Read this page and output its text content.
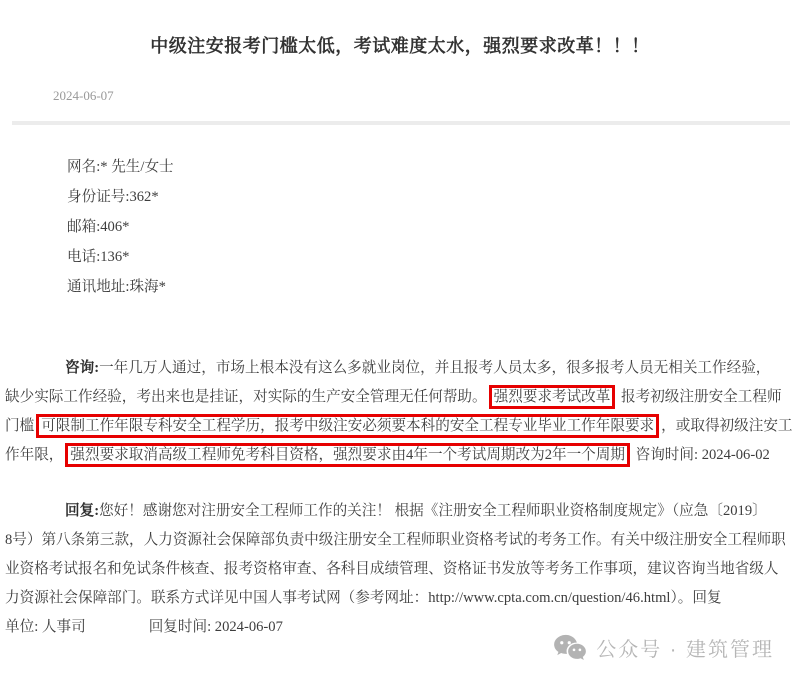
中级注安报考门槛太低，考试难度太水，强烈要求改革！！！
2024-06-07
网名:* 先生/女士
身份证号:362*
邮箱:406*
电话:136*
通讯地址:珠海*
咨询:一年几万人通过，市场上根本没有这么多就业岗位，并且报考人员太多，很多报考人员无相关工作经验，
缺少实际工作经验，考出来也是挂证，对实际的生产安全管理无任何帮助。 强烈要求考试改革 报考初级注册安全工程师
门槛 可限制工作年限专科安全工程学历，报考中级注安必须要本科的安全工程专业毕业工作年限要求 ，或取得初级注安工
作年限， 强烈要求取消高级工程师免考科目资格，强烈要求由4年一个考试周期改为2年一个周期 咨询时间: 2024-06-02
回复:您好！感谢您对注册安全工程师工作的关注！ 根据《注册安全工程师职业资格制度规定》（应急〔2019〕
8号）第八条第三款，人力资源社会保障部负责中级注册安全工程师职业资格考试的考务工作。有关中级注册安全工程师职
业资格考试报名和免试条件核查、报考资格审查、各科目成绩管理、资格证书发放等考务工作事项，建议咨询当地省级人
力资源社会保障部门。联系方式详见中国人事考试网（参考网址：http://www.cpta.com.cn/question/46.html）。回复
单位: 人事司	回复时间: 2024-06-07
公众号 · 建筑管理
